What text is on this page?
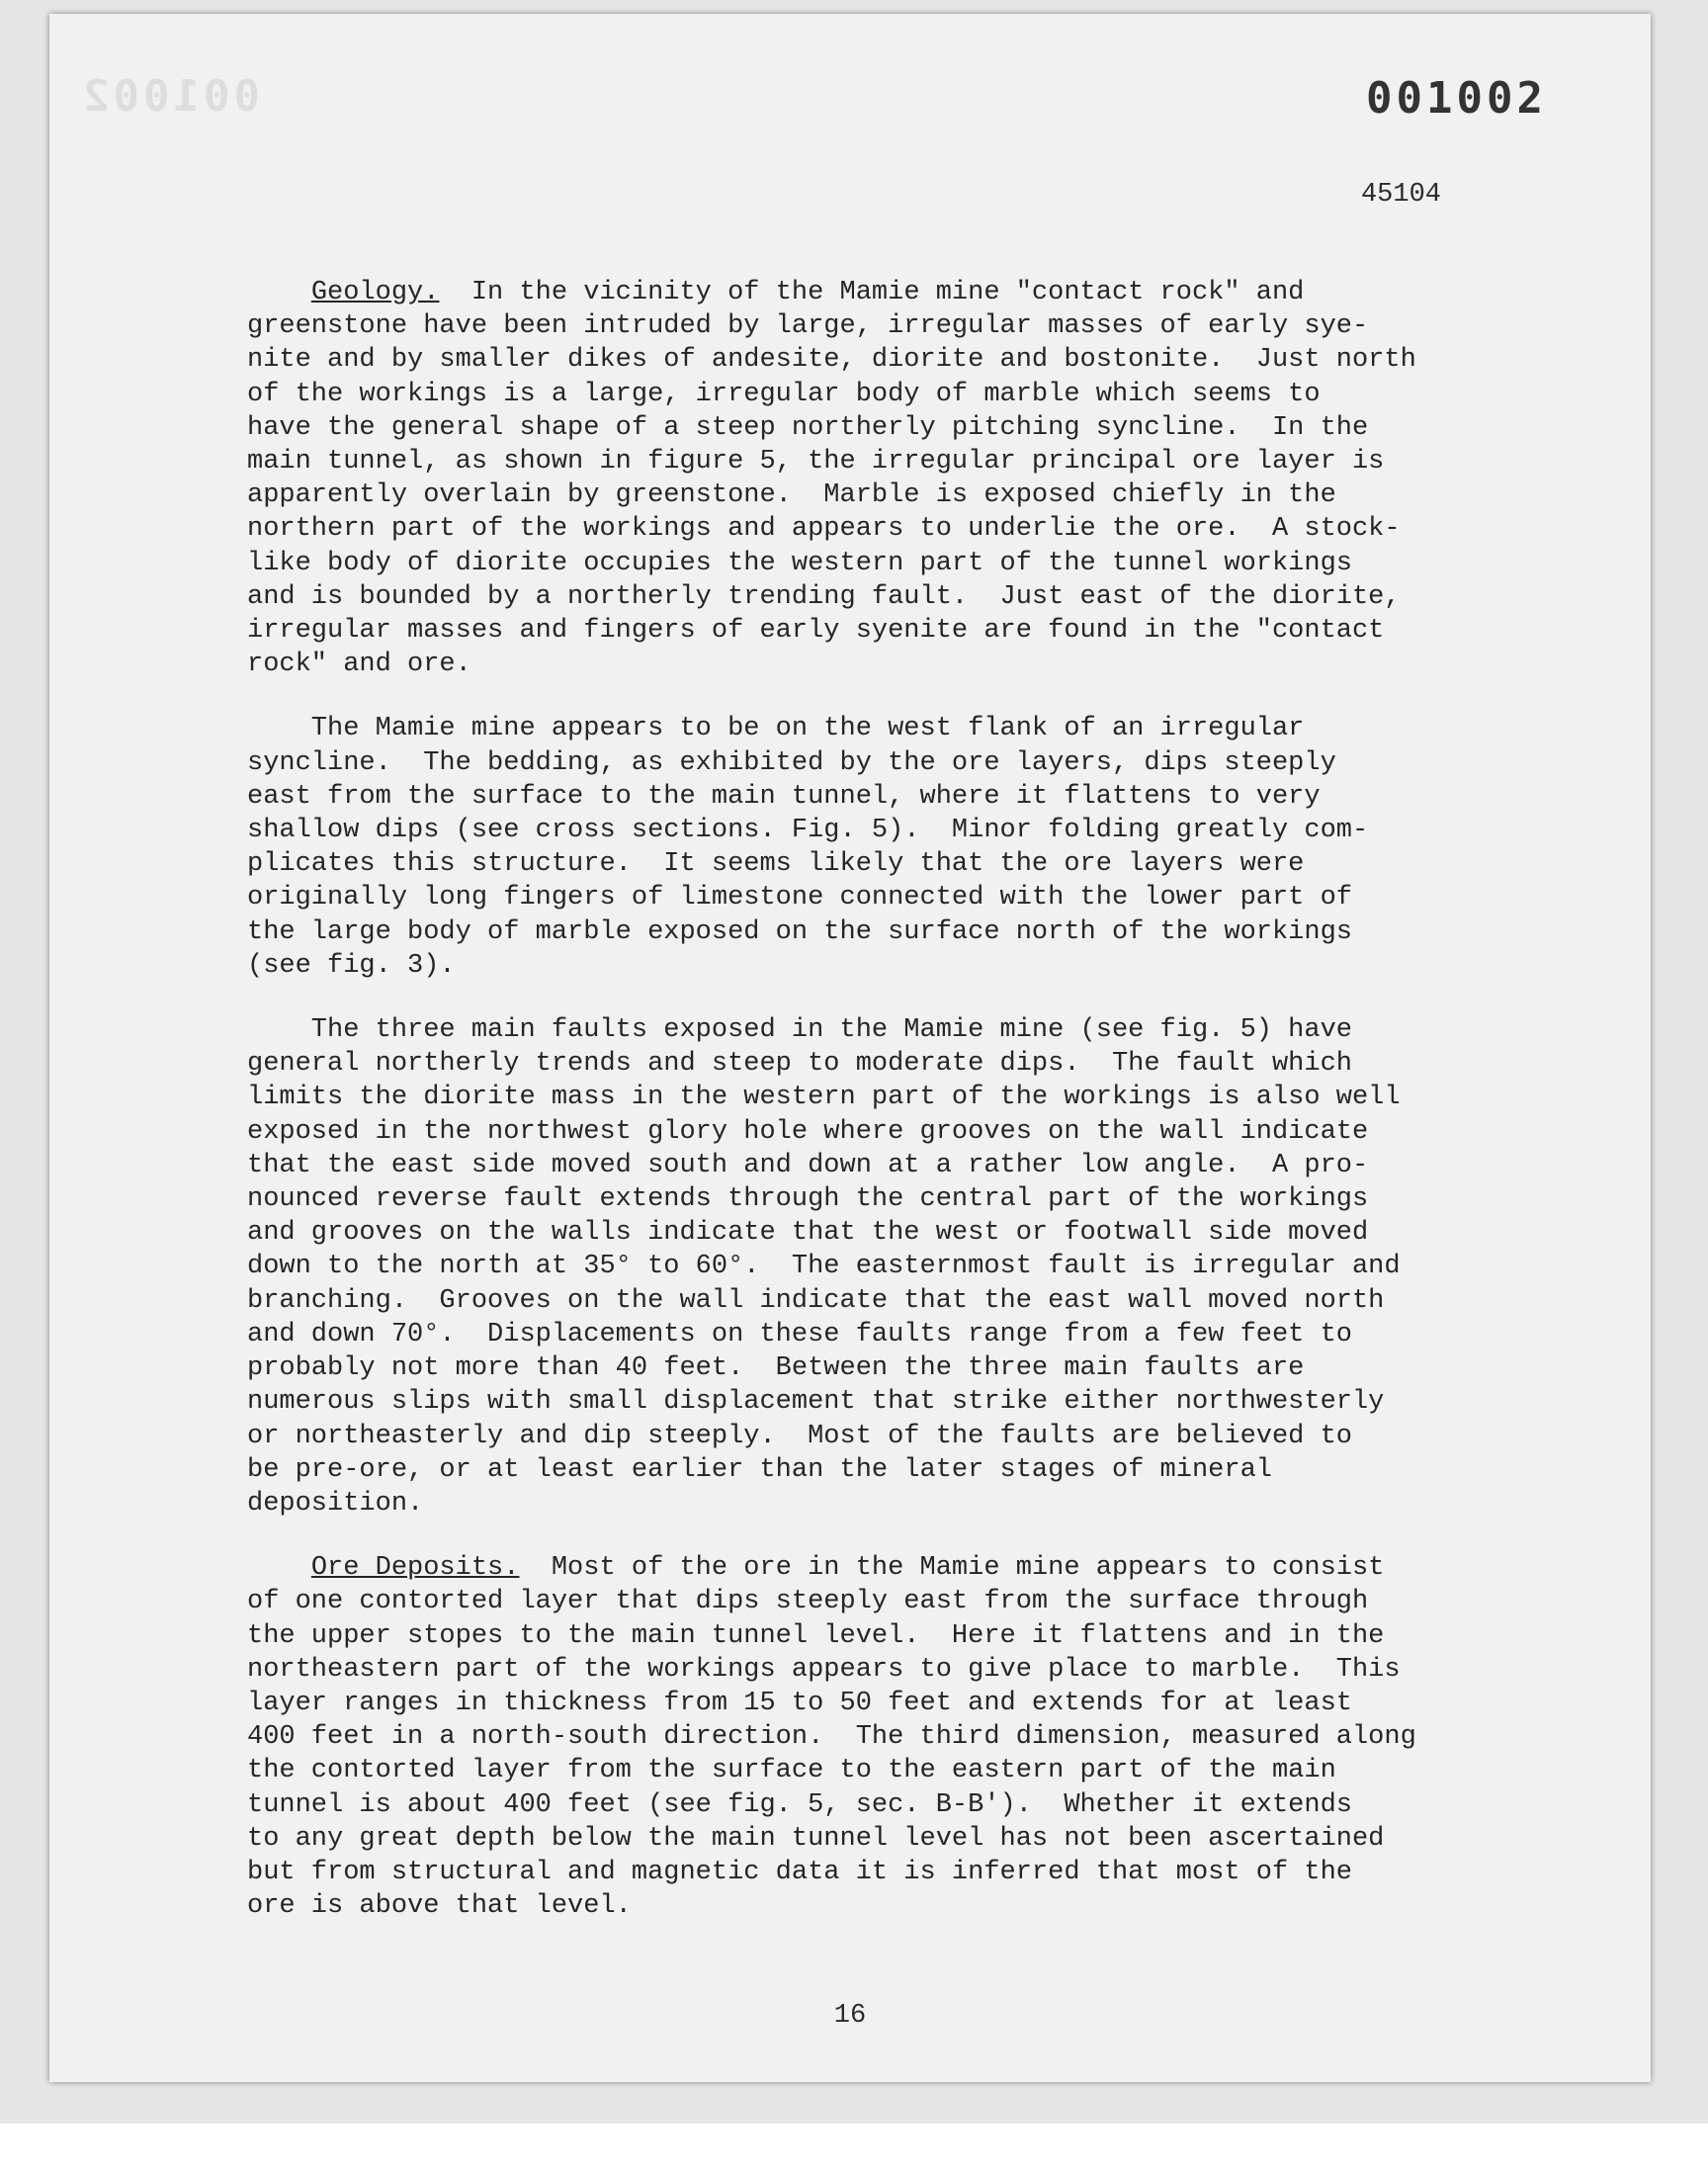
001002	001002
45104
Geology.  In the vicinity of the Mamie mine "contact rock" and
greenstone have been intruded by large, irregular masses of early sye-
nite and by smaller dikes of andesite, diorite and bostonite.  Just north
of the workings is a large, irregular body of marble which seems to
have the general shape of a steep northerly pitching syncline.  In the
main tunnel, as shown in figure 5, the irregular principal ore layer is
apparently overlain by greenstone.  Marble is exposed chiefly in the
northern part of the workings and appears to underlie the ore.  A stock-
like body of diorite occupies the western part of the tunnel workings
and is bounded by a northerly trending fault.  Just east of the diorite,
irregular masses and fingers of early syenite are found in the "contact
rock" and ore.
The Mamie mine appears to be on the west flank of an irregular
syncline.  The bedding, as exhibited by the ore layers, dips steeply
east from the surface to the main tunnel, where it flattens to very
shallow dips (see cross sections. Fig. 5).  Minor folding greatly com-
plicates this structure.  It seems likely that the ore layers were
originally long fingers of limestone connected with the lower part of
the large body of marble exposed on the surface north of the workings
(see fig. 3).
The three main faults exposed in the Mamie mine (see fig. 5) have
general northerly trends and steep to moderate dips.  The fault which
limits the diorite mass in the western part of the workings is also well
exposed in the northwest glory hole where grooves on the wall indicate
that the east side moved south and down at a rather low angle.  A pro-
nounced reverse fault extends through the central part of the workings
and grooves on the walls indicate that the west or footwall side moved
down to the north at 35° to 60°.  The easternmost fault is irregular and
branching.  Grooves on the wall indicate that the east wall moved north
and down 70°.  Displacements on these faults range from a few feet to
probably not more than 40 feet.  Between the three main faults are
numerous slips with small displacement that strike either northwesterly
or northeasterly and dip steeply.  Most of the faults are believed to
be pre-ore, or at least earlier than the later stages of mineral
deposition.
Ore Deposits.  Most of the ore in the Mamie mine appears to consist
of one contorted layer that dips steeply east from the surface through
the upper stopes to the main tunnel level.  Here it flattens and in the
northeastern part of the workings appears to give place to marble.  This
layer ranges in thickness from 15 to 50 feet and extends for at least
400 feet in a north-south direction.  The third dimension, measured along
the contorted layer from the surface to the eastern part of the main
tunnel is about 400 feet (see fig. 5, sec. B-B').  Whether it extends
to any great depth below the main tunnel level has not been ascertained
but from structural and magnetic data it is inferred that most of the
ore is above that level.
16
